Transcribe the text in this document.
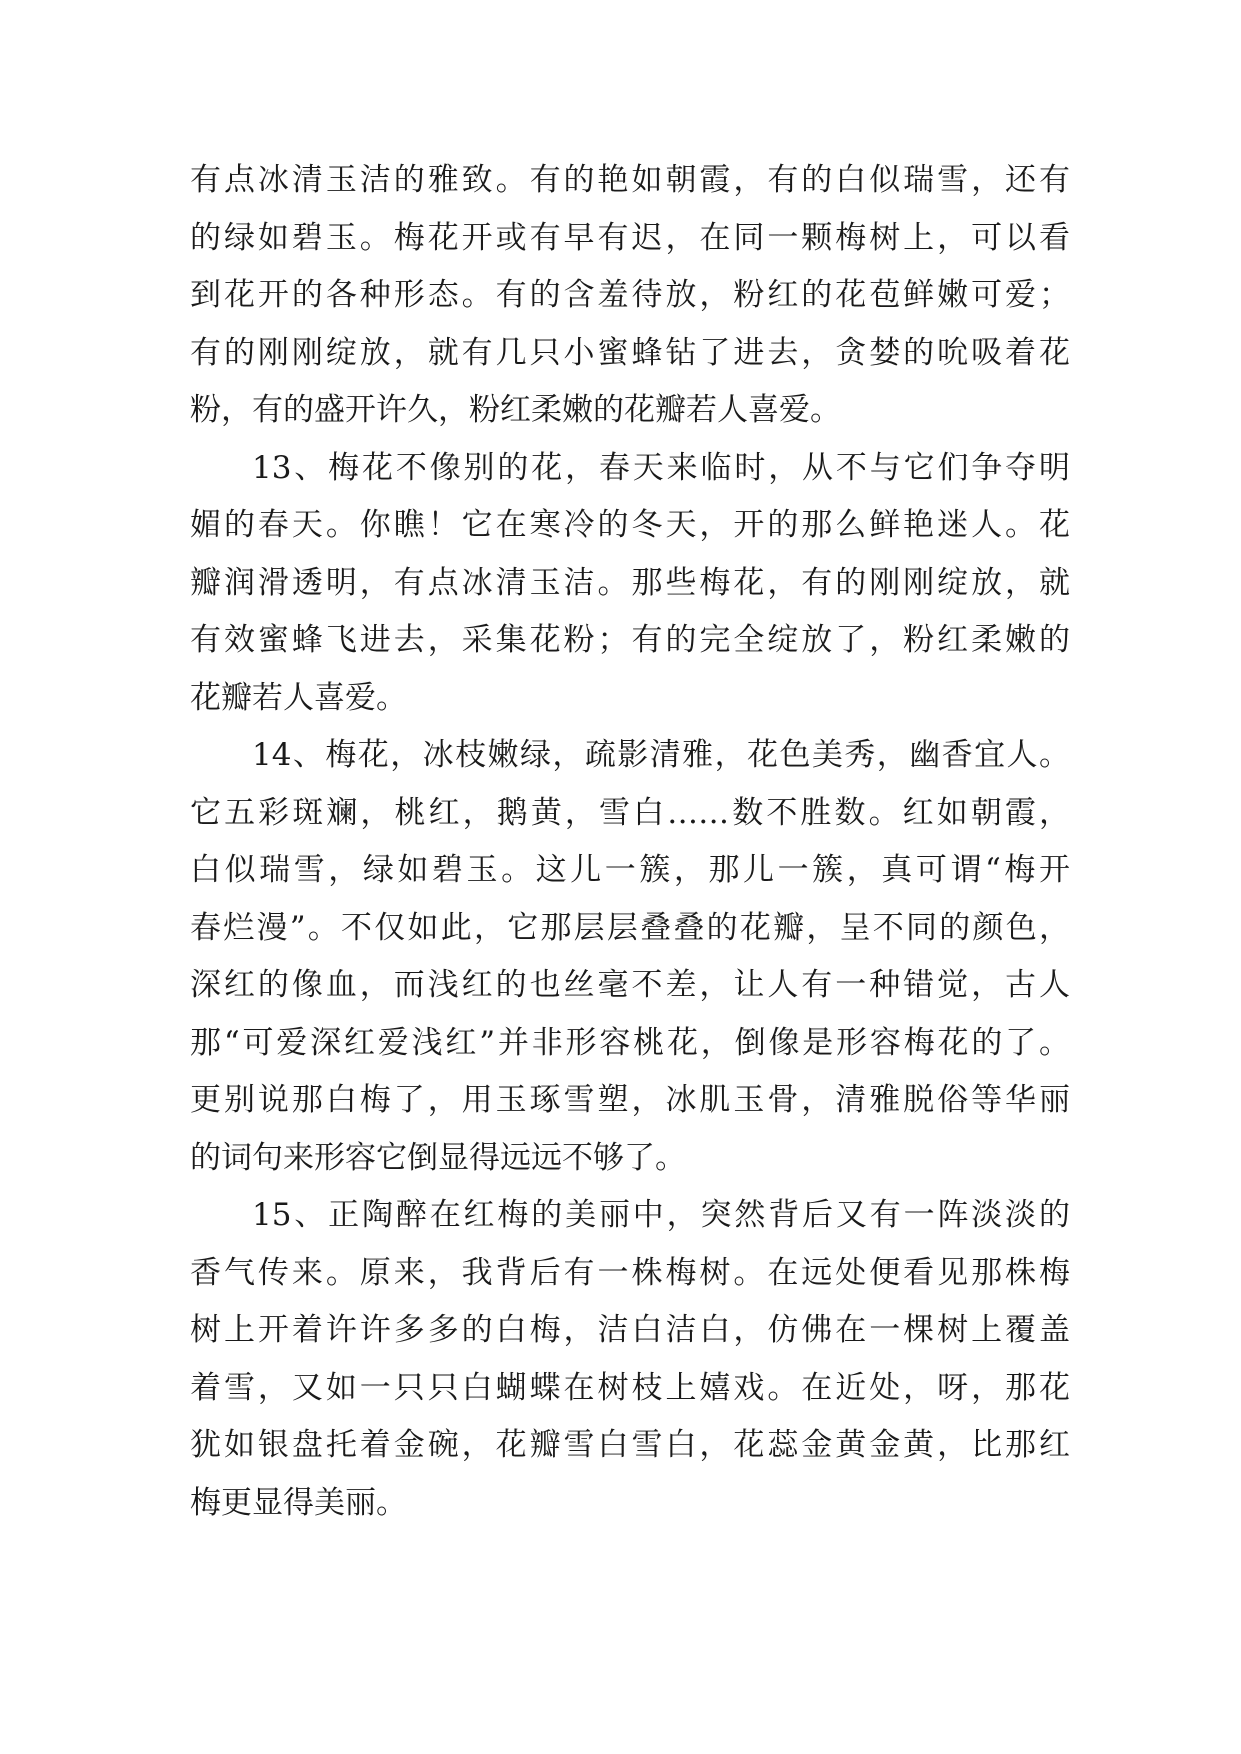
有点冰清玉洁的雅致。有的艳如朝霞，有的白似瑞雪，还有
的绿如碧玉。梅花开或有早有迟，在同一颗梅树上，可以看
到花开的各种形态。有的含羞待放，粉红的花苞鲜嫩可爱；
有的刚刚绽放，就有几只小蜜蜂钻了进去，贪婪的吮吸着花
粉，有的盛开许久，粉红柔嫩的花瓣若人喜爱。
13、梅花不像别的花，春天来临时，从不与它们争夺明
媚的春天。你瞧！它在寒冷的冬天，开的那么鲜艳迷人。花
瓣润滑透明，有点冰清玉洁。那些梅花，有的刚刚绽放，就
有效蜜蜂飞进去，采集花粉；有的完全绽放了，粉红柔嫩的
花瓣若人喜爱。
14、梅花，冰枝嫩绿，疏影清雅，花色美秀，幽香宜人。
它五彩斑斓，桃红，鹅黄，雪白……数不胜数。红如朝霞，
白似瑞雪，绿如碧玉。这儿一簇，那儿一簇，真可谓“梅开
春烂漫”。不仅如此，它那层层叠叠的花瓣，呈不同的颜色，
深红的像血，而浅红的也丝毫不差，让人有一种错觉，古人
那“可爱深红爱浅红”并非形容桃花，倒像是形容梅花的了。
更别说那白梅了，用玉琢雪塑，冰肌玉骨，清雅脱俗等华丽
的词句来形容它倒显得远远不够了。
15、正陶醉在红梅的美丽中，突然背后又有一阵淡淡的
香气传来。原来，我背后有一株梅树。在远处便看见那株梅
树上开着许许多多的白梅，洁白洁白，仿佛在一棵树上覆盖
着雪，又如一只只白蝴蝶在树枝上嬉戏。在近处，呀，那花
犹如银盘托着金碗，花瓣雪白雪白，花蕊金黄金黄，比那红
梅更显得美丽。
